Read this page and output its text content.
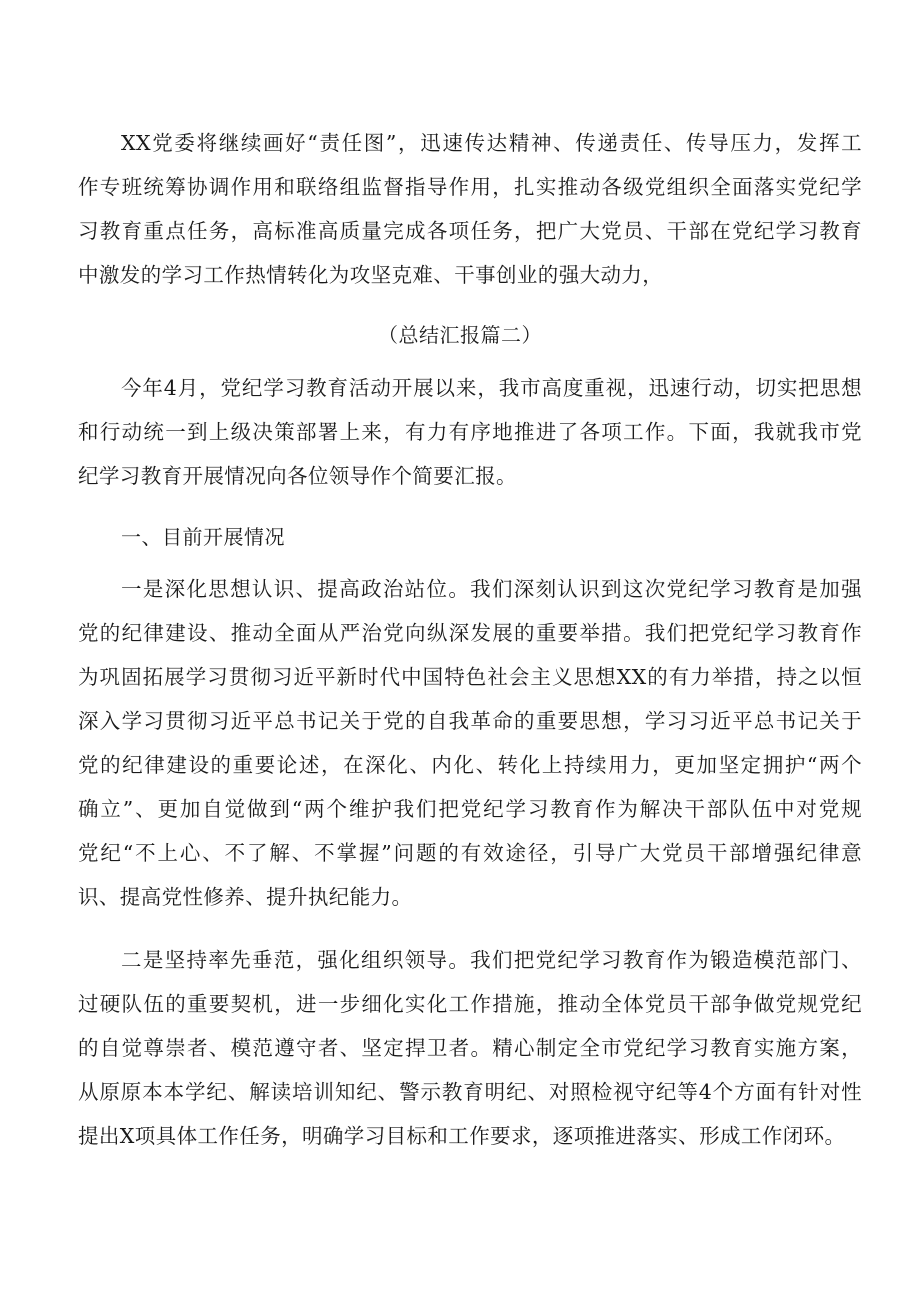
XX党委将继续画好“责任图”，迅速传达精神、传递责任、传导压力，发挥工
作专班统筹协调作用和联络组监督指导作用，扎实推动各级党组织全面落实党纪学
习教育重点任务，高标准高质量完成各项任务，把广大党员、干部在党纪学习教育
中激发的学习工作热情转化为攻坚克难、干事创业的强大动力，
（总结汇报篇二）
今年4月，党纪学习教育活动开展以来，我市高度重视，迅速行动，切实把思想
和行动统一到上级决策部署上来，有力有序地推进了各项工作。下面，我就我市党
纪学习教育开展情况向各位领导作个简要汇报。
一、目前开展情况
一是深化思想认识、提高政治站位。我们深刻认识到这次党纪学习教育是加强
党的纪律建设、推动全面从严治党向纵深发展的重要举措。我们把党纪学习教育作
为巩固拓展学习贯彻习近平新时代中国特色社会主义思想XX的有力举措，持之以恒
深入学习贯彻习近平总书记关于党的自我革命的重要思想，学习习近平总书记关于
党的纪律建设的重要论述，在深化、内化、转化上持续用力，更加坚定拥护“两个
确立”、更加自觉做到“两个维护我们把党纪学习教育作为解决干部队伍中对党规
党纪“不上心、不了解、不掌握”问题的有效途径，引导广大党员干部增强纪律意
识、提高党性修养、提升执纪能力。
二是坚持率先垂范，强化组织领导。我们把党纪学习教育作为锻造模范部门、
过硬队伍的重要契机，进一步细化实化工作措施，推动全体党员干部争做党规党纪
的自觉尊崇者、模范遵守者、坚定捍卫者。精心制定全市党纪学习教育实施方案，
从原原本本学纪、解读培训知纪、警示教育明纪、对照检视守纪等4个方面有针对性
提出X项具体工作任务，明确学习目标和工作要求，逐项推进落实、形成工作闭环。
